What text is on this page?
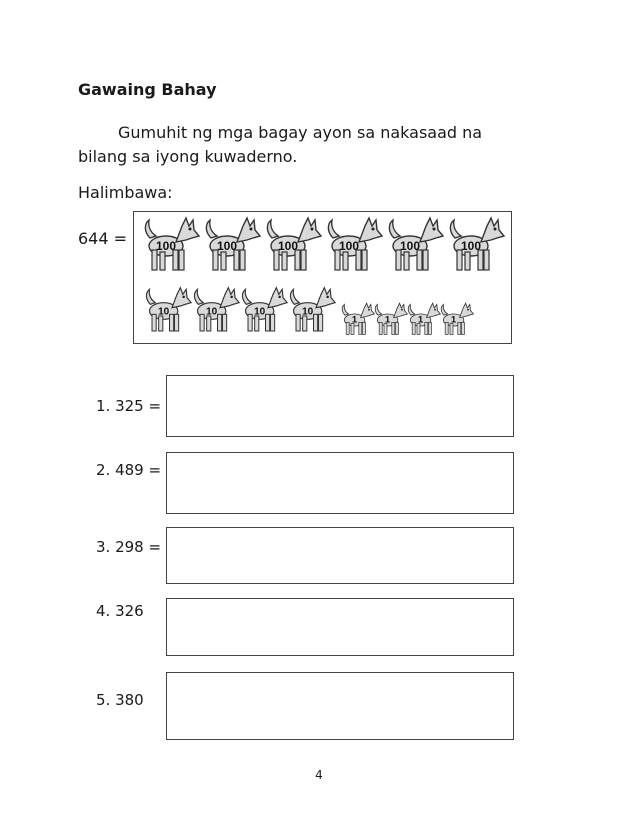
Gawaing Bahay
Gumuhit ng mga bagay ayon sa nakasaad na bilang sa iyong kuwaderno.
Halimbawa:
644 = 100	100	100	100	100	100
10	10	10	10
1 1 1 1
1. 325 =
2. 489 =
3. 298 =
4. 326
5. 380
4
